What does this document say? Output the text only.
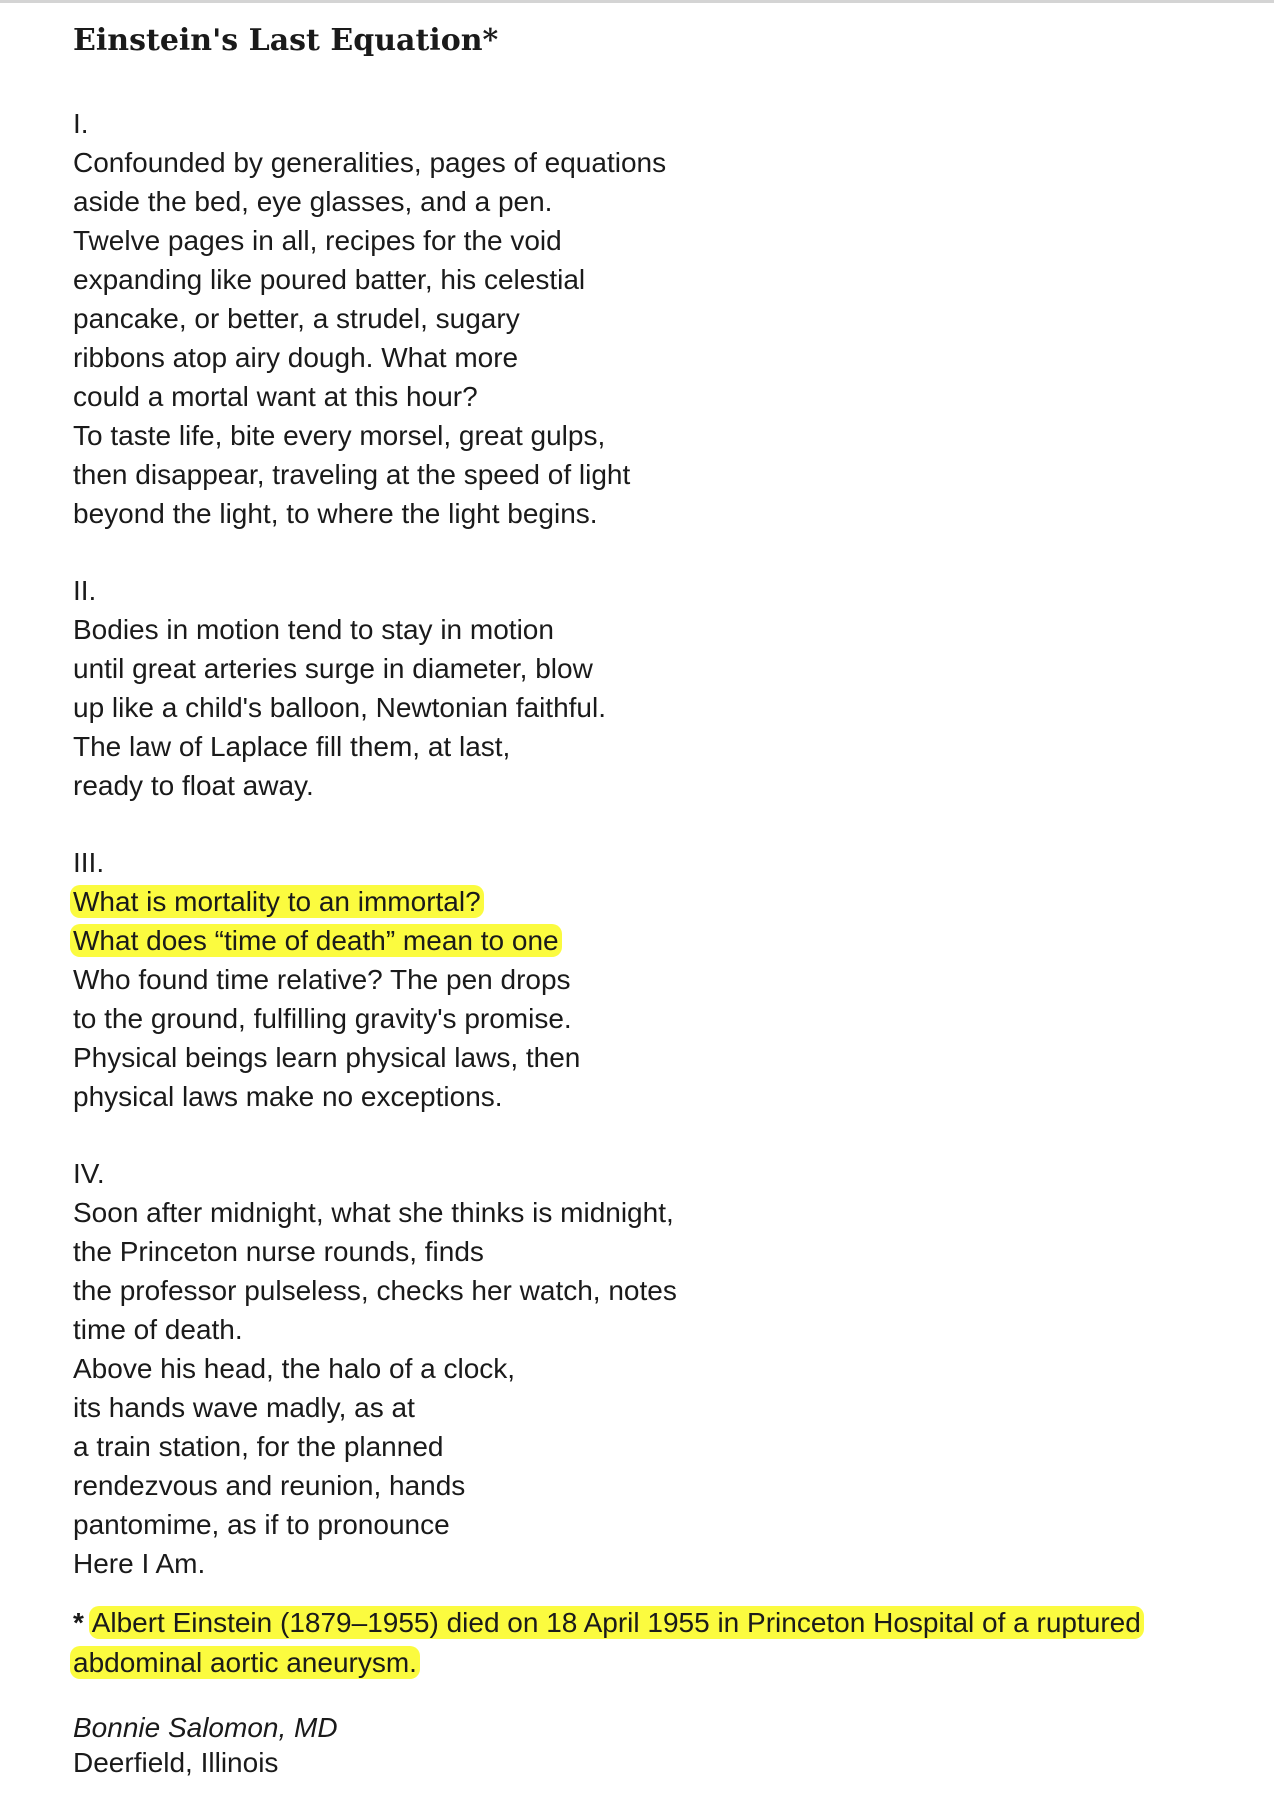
Einstein's Last Equation*
I.
Confounded by generalities, pages of equations
aside the bed, eye glasses, and a pen.
Twelve pages in all, recipes for the void
expanding like poured batter, his celestial
pancake, or better, a strudel, sugary
ribbons atop airy dough. What more
could a mortal want at this hour?
To taste life, bite every morsel, great gulps,
then disappear, traveling at the speed of light
beyond the light, to where the light begins.
II.
Bodies in motion tend to stay in motion
until great arteries surge in diameter, blow
up like a child's balloon, Newtonian faithful.
The law of Laplace fill them, at last,
ready to float away.
III.
What is mortality to an immortal?
What does “time of death” mean to one
Who found time relative? The pen drops
to the ground, fulfilling gravity's promise.
Physical beings learn physical laws, then
physical laws make no exceptions.
IV.
Soon after midnight, what she thinks is midnight,
the Princeton nurse rounds, finds
the professor pulseless, checks her watch, notes
time of death.
Above his head, the halo of a clock,
its hands wave madly, as at
a train station, for the planned
rendezvous and reunion, hands
pantomime, as if to pronounce
Here I Am.
* Albert Einstein (1879–1955) died on 18 April 1955 in Princeton Hospital of a ruptured
abdominal aortic aneurysm.
Bonnie Salomon, MD
Deerfield, Illinois
